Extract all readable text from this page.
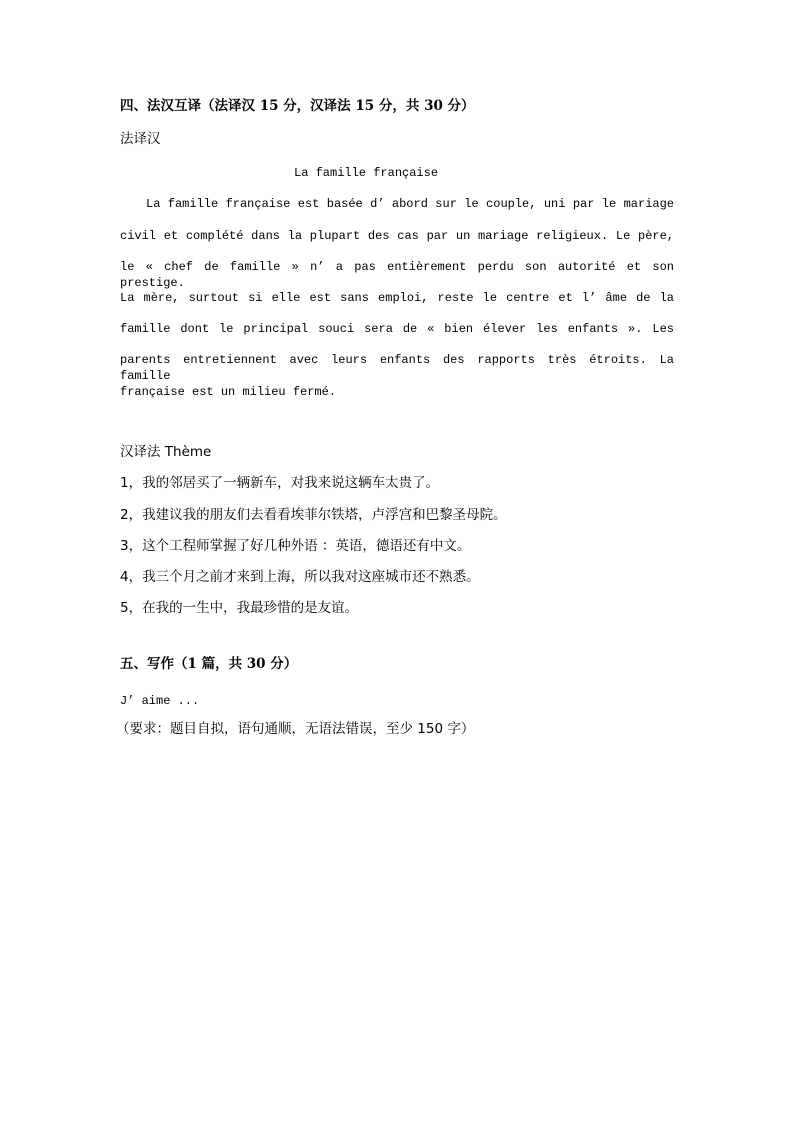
四、法汉互译（法译汉 15 分，汉译法 15 分，共 30 分）
法译汉
La famille française
La famille française est basée d’ abord sur le couple, uni par le mariage
civil et complété dans la plupart des cas par un mariage religieux. Le père,
le « chef de famille » n’ a pas entièrement perdu son autorité et son prestige.
La mère, surtout si elle est sans emploi, reste le centre et l’ âme de la
famille dont le principal souci sera de « bien élever les enfants ». Les
parents entretiennent avec leurs enfants des rapports très étroits. La famille
française est un milieu fermé.
汉译法 Thème
1，我的邻居买了一辆新车，对我来说这辆车太贵了。
2，我建议我的朋友们去看看埃菲尔铁塔，卢浮宫和巴黎圣母院。
3，这个工程师掌握了好几种外语 ：英语，德语还有中文。
4，我三个月之前才来到上海，所以我对这座城市还不熟悉。
5，在我的一生中，我最珍惜的是友谊。
五、写作（1 篇，共 30 分）
J’ aime ...
（要求：题目自拟，语句通顺，无语法错误，至少 150 字）
